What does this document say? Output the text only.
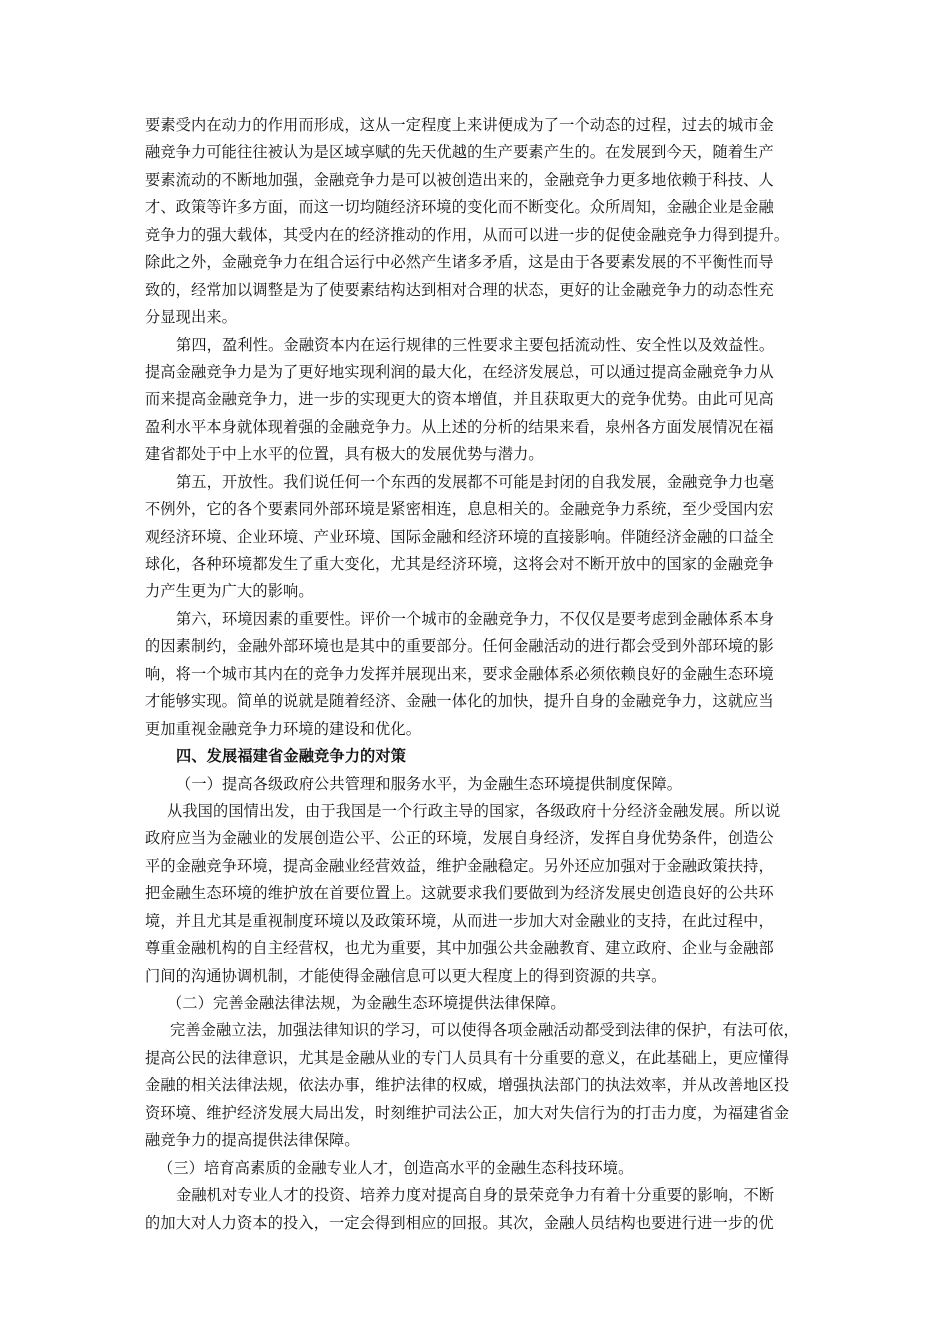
要素受内在动力的作用而形成，这从一定程度上来讲便成为了一个动态的过程，过去的城市金
融竞争力可能往往被认为是区域享赋的先天优越的生产要素产生的。在发展到今天，随着生产
要素流动的不断地加强，金融竞争力是可以被创造出来的，金融竞争力更多地依赖于科技、人
才、政策等许多方面，而这一切均随经济环境的变化而不断变化。众所周知，金融企业是金融
竞争力的强大载体，其受内在的经济推动的作用，从而可以进一步的促使金融竞争力得到提升。
除此之外，金融竞争力在组合运行中必然产生诸多矛盾，这是由于各要素发展的不平衡性而导
致的，经常加以调整是为了使要素结构达到相对合理的状态，更好的让金融竞争力的动态性充
分显现出来。
第四，盈利性。金融资本内在运行规律的三性要求主要包括流动性、安全性以及效益性。
提高金融竞争力是为了更好地实现利润的最大化，在经济发展总，可以通过提高金融竞争力从
而来提高金融竞争力，进一步的实现更大的资本增值，并且获取更大的竞争优势。由此可见高
盈利水平本身就体现着强的金融竞争力。从上述的分析的结果来看，泉州各方面发展情况在福
建省都处于中上水平的位置，具有极大的发展优势与潜力。
第五，开放性。我们说任何一个东西的发展都不可能是封闭的自我发展，金融竞争力也毫
不例外，它的各个要素同外部环境是紧密相连，息息相关的。金融竞争力系统，至少受国内宏
观经济环境、企业环境、产业环境、国际金融和经济环境的直接影响。伴随经济金融的口益全
球化，各种环境都发生了重大变化，尤其是经济环境，这将会对不断开放中的国家的金融竞争
力产生更为广大的影响。
第六，环境因素的重要性。评价一个城市的金融竞争力，不仅仅是要考虑到金融体系本身
的因素制约，金融外部环境也是其中的重要部分。任何金融活动的进行都会受到外部环境的影
响，将一个城市其内在的竞争力发挥并展现出来，要求金融体系必须依赖良好的金融生态环境
才能够实现。简单的说就是随着经济、金融一体化的加快，提升自身的金融竞争力，这就应当
更加重视金融竞争力环境的建设和优化。
四、发展福建省金融竞争力的对策
（一）提高各级政府公共管理和服务水平，为金融生态环境提供制度保障。
从我国的国情出发，由于我国是一个行政主导的国家，各级政府十分经济金融发展。所以说
政府应当为金融业的发展创造公平、公正的环境，发展自身经济，发挥自身优势条件，创造公
平的金融竞争环境，提高金融业经营效益，维护金融稳定。另外还应加强对于金融政策扶持，
把金融生态环境的维护放在首要位置上。这就要求我们要做到为经济发展史创造良好的公共环
境，并且尤其是重视制度环境以及政策环境，从而进一步加大对金融业的支持，在此过程中，
尊重金融机构的自主经营权，也尤为重要，其中加强公共金融教育、建立政府、企业与金融部
门间的沟通协调机制，才能使得金融信息可以更大程度上的得到资源的共享。
（二）完善金融法律法规，为金融生态环境提供法律保障。
完善金融立法，加强法律知识的学习，可以使得各项金融活动都受到法律的保护，有法可依，
提高公民的法律意识，尤其是金融从业的专门人员具有十分重要的意义，在此基础上，更应懂得
金融的相关法律法规，依法办事，维护法律的权威，增强执法部门的执法效率，并从改善地区投
资环境、维护经济发展大局出发，时刻维护司法公正，加大对失信行为的打击力度，为福建省金
融竞争力的提高提供法律保障。
（三）培育高素质的金融专业人才，创造高水平的金融生态科技环境。
金融机对专业人才的投资、培养力度对提高自身的景荣竞争力有着十分重要的影响，不断
的加大对人力资本的投入，一定会得到相应的回报。其次，金融人员结构也要进行进一步的优
